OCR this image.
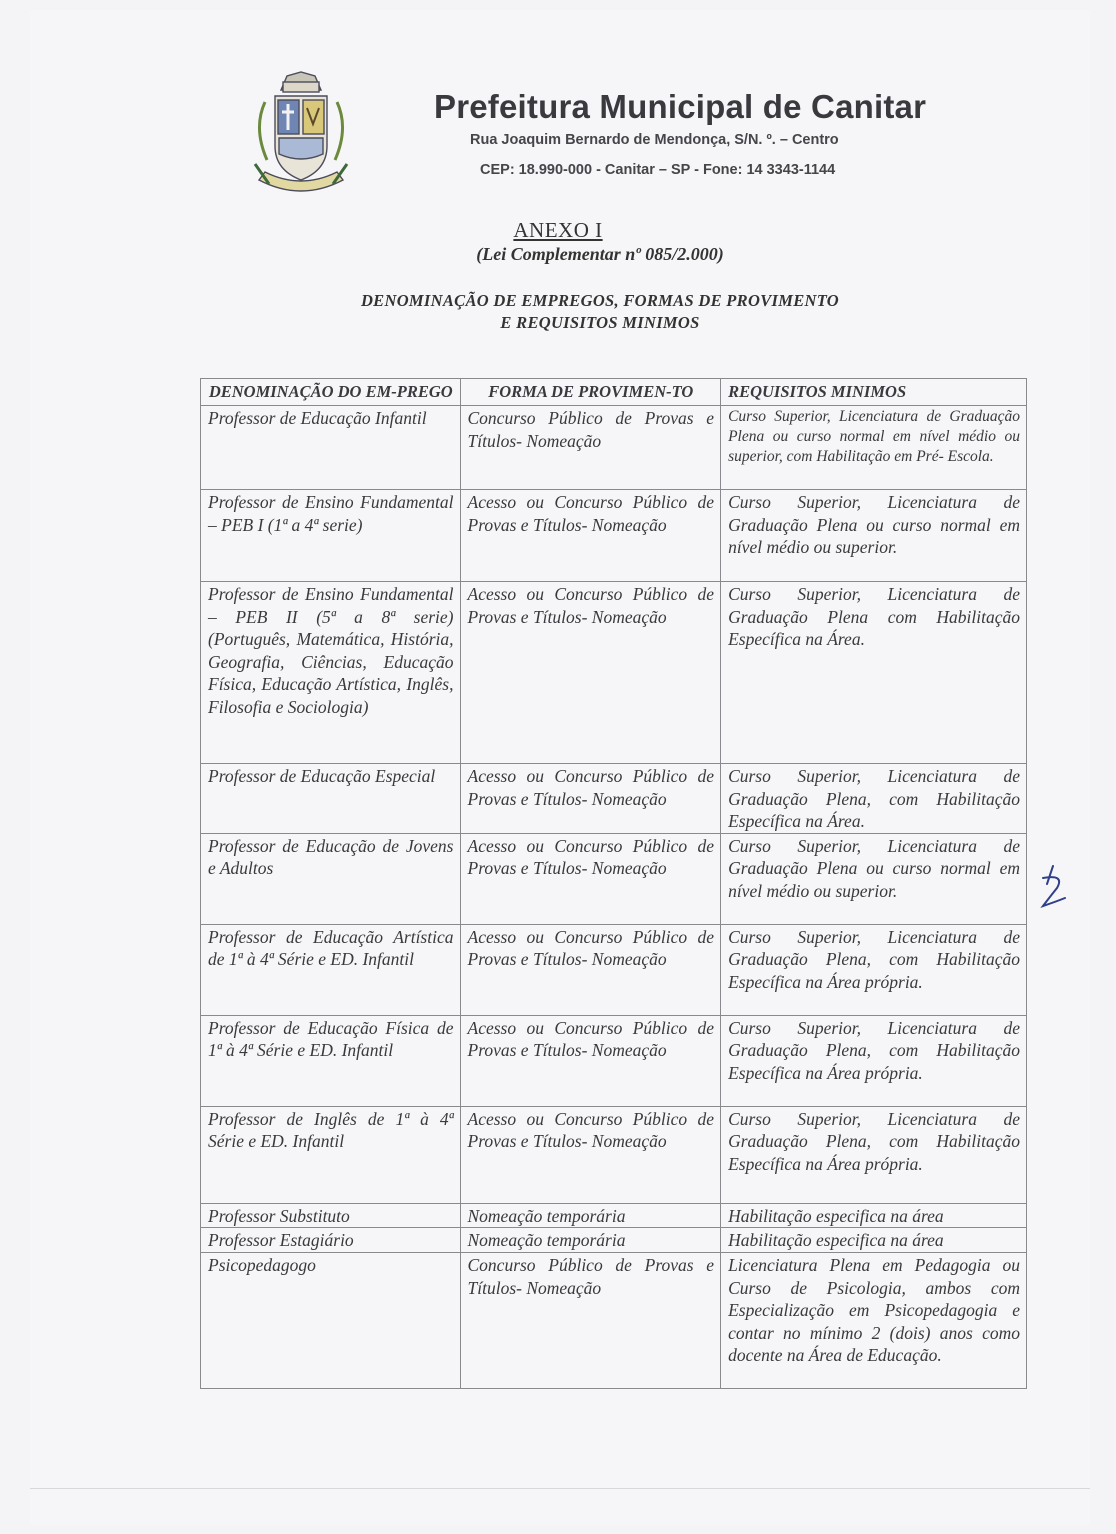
Prefeitura Municipal de Canitar

Rua Joaquim Bernardo de Mendonça, S/N. º. – Centro
CEP: 18.990-000 - Canitar – SP - Fone: 14 3343-1144
ANEXO I
(Lei Complementar nº 085/2.000)
DENOMINAÇÃO DE EMPREGOS, FORMAS DE PROVIMENTO
E REQUISITOS MINIMOS
DENOMINAÇÃO DO EM-PREGO	FORMA DE PROVIMEN-TO	REQUISITOS MINIMOS
Professor de Educação Infantil	Concurso Público de Provas e Títulos- Nomeação	Curso Superior, Licenciatura de Graduação Plena ou curso normal em nível médio ou superior, com Habilitação em Pré- Escola.
Professor de Ensino Fundamental – PEB I (1ª a 4ª serie)	Acesso ou Concurso Público de Provas e Títulos- Nomeação	Curso Superior, Licenciatura de Graduação Plena ou curso normal em nível médio ou superior.
Professor de Ensino Fundamental – PEB II (5ª a 8ª serie) (Português, Matemática, História, Geografia, Ciências, Educação Física, Educação Artística, Inglês, Filosofia e Sociologia)	Acesso ou Concurso Público de Provas e Títulos- Nomeação	Curso Superior, Licenciatura de Graduação Plena com Habilitação Específica na Área.
Professor de Educação Especial	Acesso ou Concurso Público de Provas e Títulos- Nomeação	Curso Superior, Licenciatura de Graduação Plena, com Habilitação Específica na Área.
Professor de Educação de Jovens e Adultos	Acesso ou Concurso Público de Provas e Títulos- Nomeação	Curso Superior, Licenciatura de Graduação Plena ou curso normal em nível médio ou superior.
Professor de Educação Artística de 1ª à 4ª Série e ED. Infantil	Acesso ou Concurso Público de Provas e Títulos- Nomeação	Curso Superior, Licenciatura de Graduação Plena, com Habilitação Específica na Área própria.
Professor de Educação Física de 1ª à 4ª Série e ED. Infantil	Acesso ou Concurso Público de Provas e Títulos- Nomeação	Curso Superior, Licenciatura de Graduação Plena, com Habilitação Específica na Área própria.
Professor de Inglês de 1ª à 4ª Série e ED. Infantil	Acesso ou Concurso Público de Provas e Títulos- Nomeação	Curso Superior, Licenciatura de Graduação Plena, com Habilitação Específica na Área própria.
Professor Substituto	Nomeação temporária	Habilitação especifica na área
Professor Estagiário	Nomeação temporária	Habilitação especifica na área
Psicopedagogo	Concurso Público de Provas e Títulos- Nomeação	Licenciatura Plena em Pedagogia ou Curso de Psicologia, ambos com Especialização em Psicopedagogia e contar no mínimo 2 (dois) anos como docente na Área de Educação.
